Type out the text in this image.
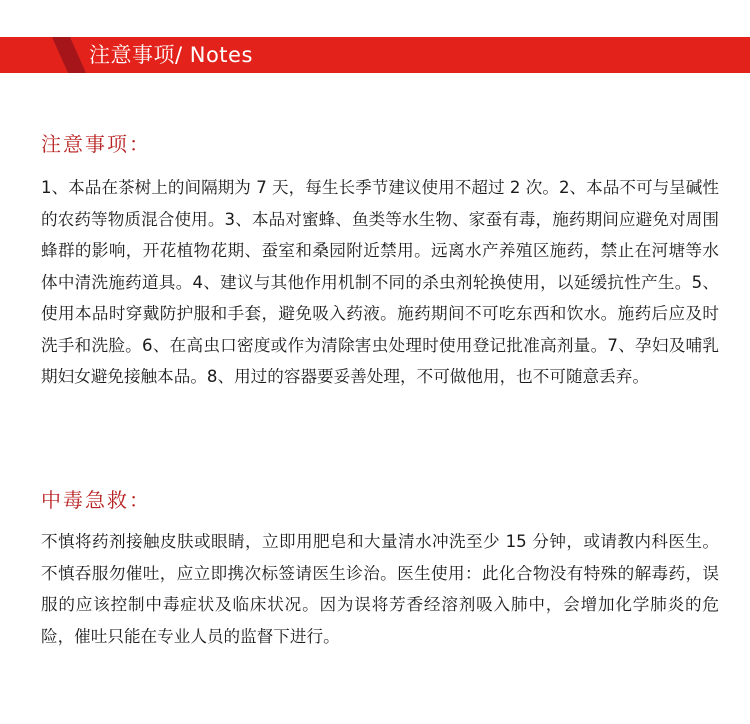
注意事项/ Notes
注意事项：
1、本品在茶树上的间隔期为 7 天，每生长季节建议使用不超过 2 次。2、本品不可与呈碱性的农药等物质混合使用。3、本品对蜜蜂、鱼类等水生物、家蚕有毒，施药期间应避免对周围蜂群的影响，开花植物花期、蚕室和桑园附近禁用。远离水产养殖区施药，禁止在河塘等水体中清洗施药道具。4、建议与其他作用机制不同的杀虫剂轮换使用，以延缓抗性产生。5、使用本品时穿戴防护服和手套，避免吸入药液。施药期间不可吃东西和饮水。施药后应及时洗手和洗脸。6、在高虫口密度或作为清除害虫处理时使用登记批准高剂量。7、孕妇及哺乳期妇女避免接触本品。8、用过的容器要妥善处理，不可做他用，也不可随意丢弃。
中毒急救：
不慎将药剂接触皮肤或眼睛，立即用肥皂和大量清水冲洗至少 15 分钟，或请教内科医生。不慎吞服勿催吐，应立即携次标签请医生诊治。医生使用：此化合物没有特殊的解毒药，误服的应该控制中毒症状及临床状况。因为误将芳香经溶剂吸入肺中，会增加化学肺炎的危险，催吐只能在专业人员的监督下进行。
